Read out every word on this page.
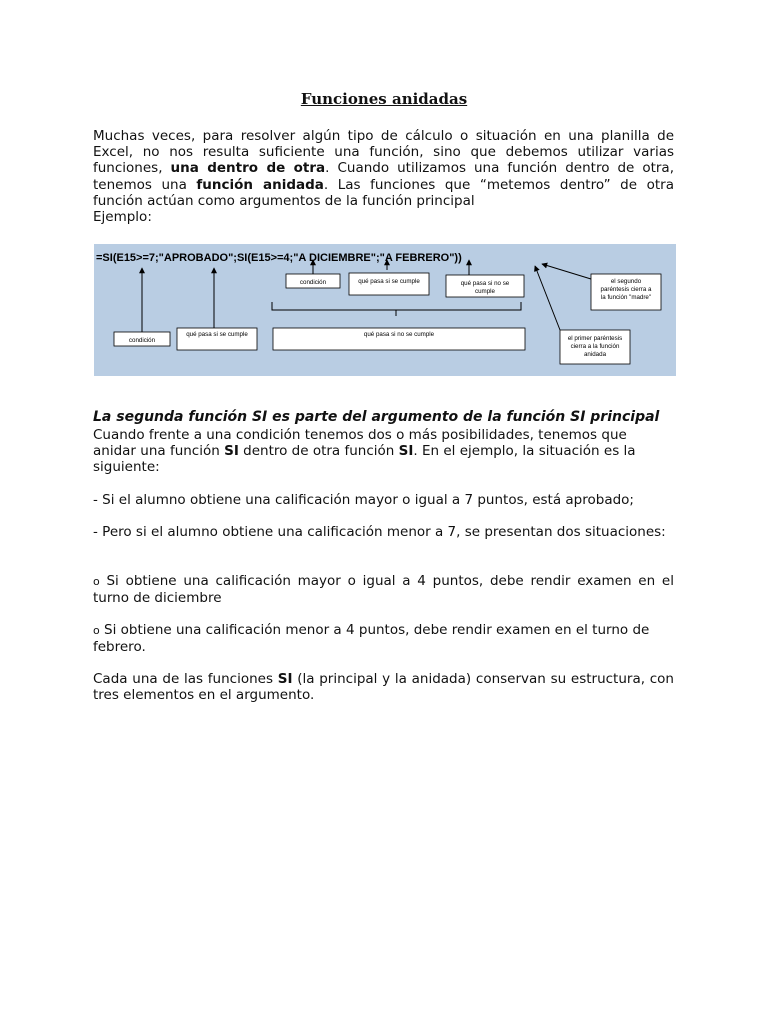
Funciones anidadas

Muchas veces, para resolver algún tipo de cálculo o situación en una planilla de Excel, no nos resulta suficiente una función, sino que debemos utilizar varias funciones, una dentro de otra. Cuando utilizamos una función dentro de otra, tenemos una función anidada. Las funciones que “metemos dentro” de otra función actúan como argumentos de la función principal

Ejemplo:

=SI(E15>=7;"APROBADO";SI(E15>=4;"A DICIEMBRE";"A FEBRERO"))
condición	qué pasa si se cumple	qué pasa si no se
cumple
condición
qué pasa si se cumple	qué pasa si no se cumple
el segundo
paréntesis cierra a
la función "madre"
el primer paréntesis
cierra a la función
anidada
La segunda función SI es parte del argumento de la función SI principal

Cuando frente a una condición tenemos dos o más posibilidades, tenemos que anidar una función SI dentro de otra función SI. En el ejemplo, la situación es la siguiente:

- Si el alumno obtiene una calificación mayor o igual a 7 puntos, está aprobado;

- Pero si el alumno obtiene una calificación menor a 7, se presentan dos situaciones:

o Si obtiene una calificación mayor o igual a 4 puntos, debe rendir examen en el turno de diciembre

o Si obtiene una calificación menor a 4 puntos, debe rendir examen en el turno de febrero.

Cada una de las funciones SI (la principal y la anidada) conservan su estructura, con tres elementos en el argumento.
